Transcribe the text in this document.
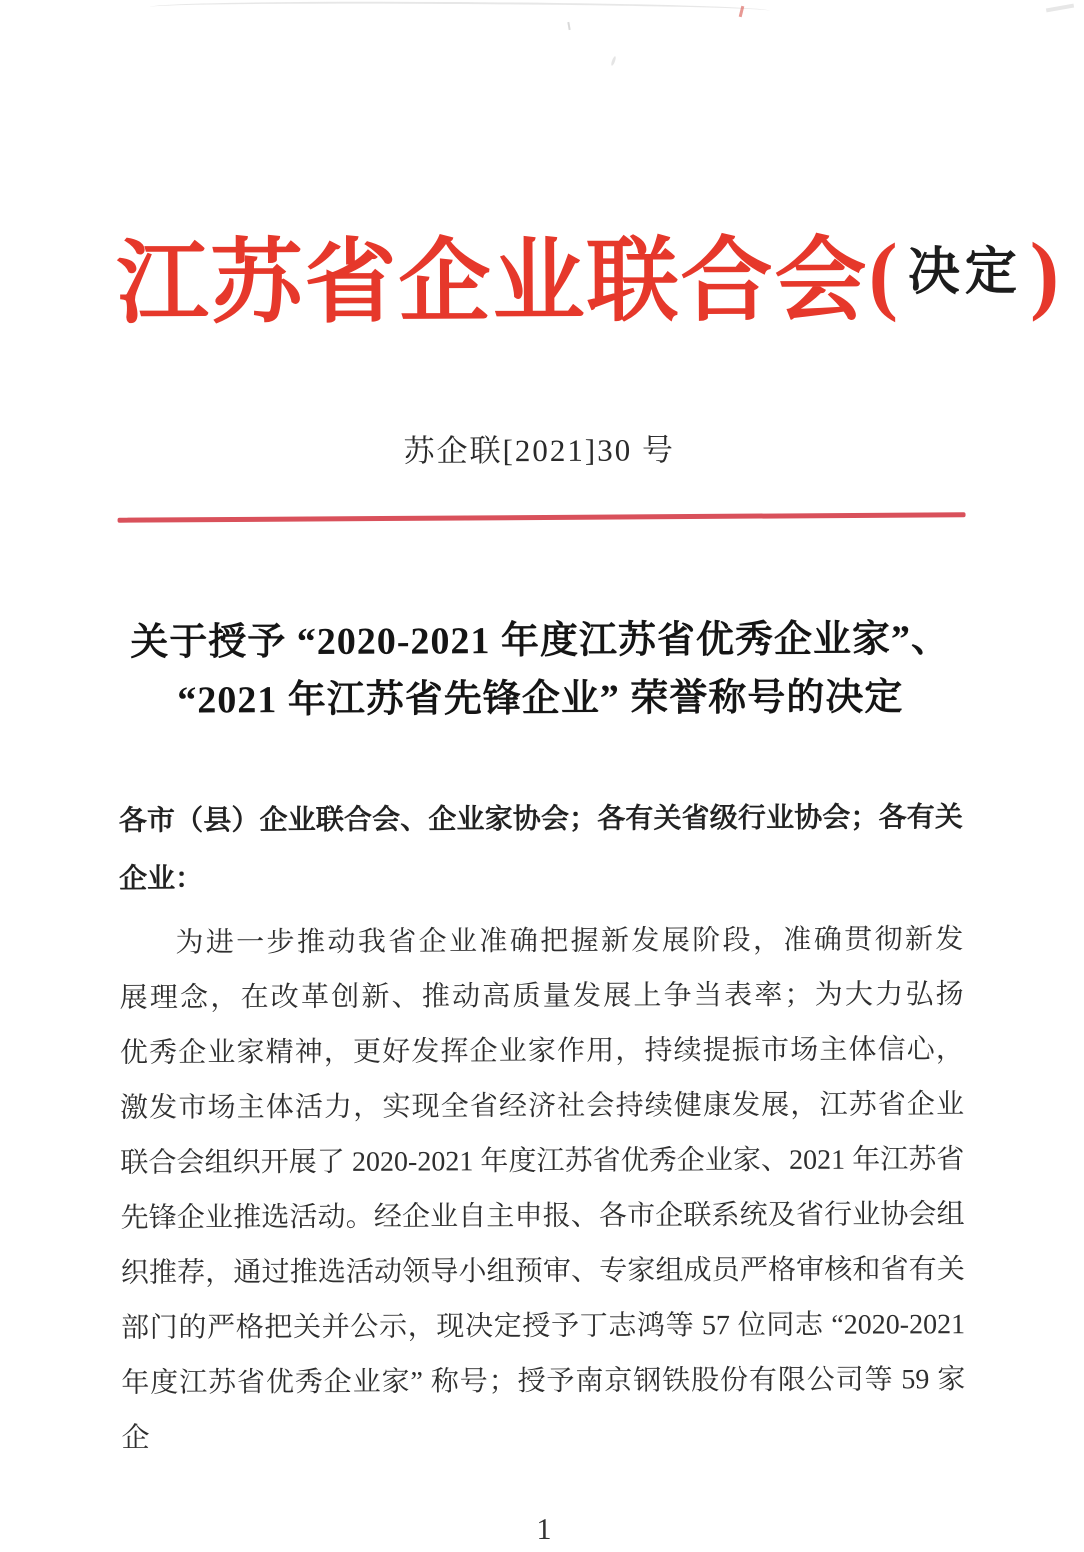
江苏省企业联合会( 决定)
苏企联[2021]30 号
关于授予 “2020-2021 年度江苏省优秀企业家”、
“2021 年江苏省先锋企业” 荣誉称号的决定
各市（县）企业联合会、企业家协会；各有关省级行业协会；各有关
企业：
为进一步推动我省企业准确把握新发展阶段，准确贯彻新发
展理念，在改革创新、推动高质量发展上争当表率；为大力弘扬
优秀企业家精神，更好发挥企业家作用，持续提振市场主体信心，
激发市场主体活力，实现全省经济社会持续健康发展，江苏省企业
联合会组织开展了 2020-2021 年度江苏省优秀企业家、2021 年江苏省
先锋企业推选活动。经企业自主申报、各市企联系统及省行业协会组
织推荐，通过推选活动领导小组预审、专家组成员严格审核和省有关
部门的严格把关并公示，现决定授予丁志鸿等 57 位同志 “2020-2021
年度江苏省优秀企业家” 称号；授予南京钢铁股份有限公司等 59 家企
1
